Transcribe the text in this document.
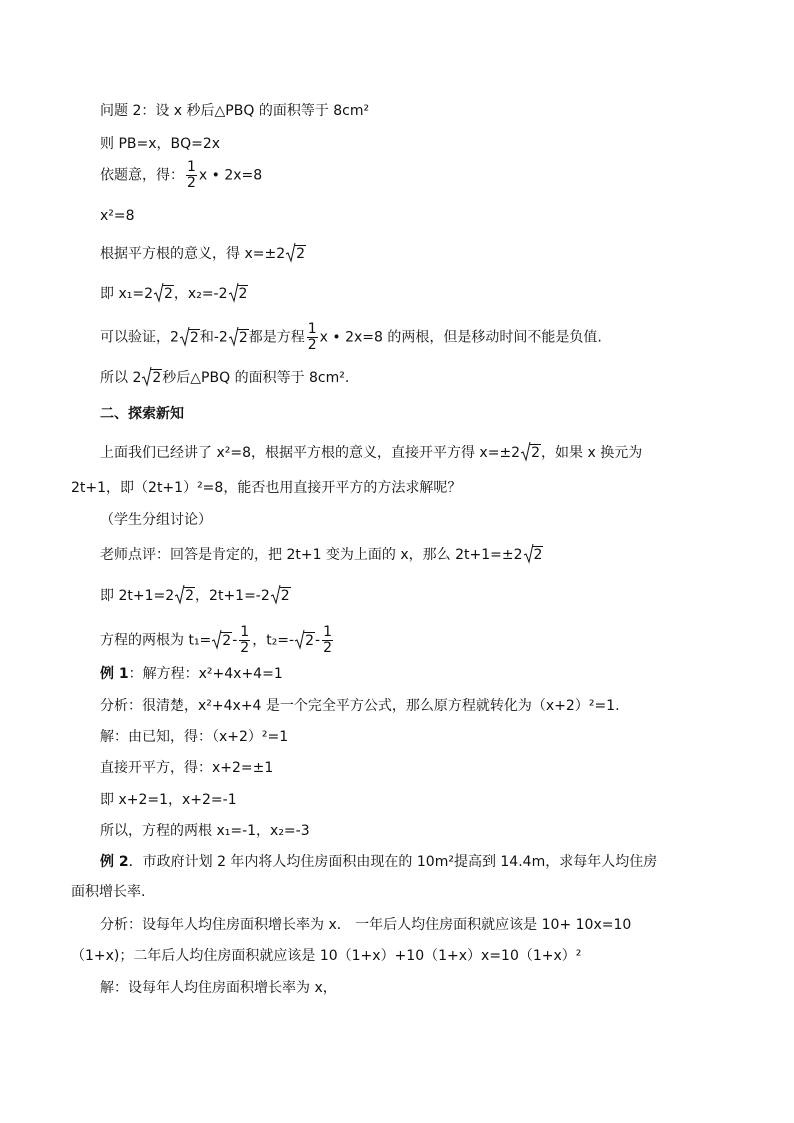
问题 2：设 x 秒后△PBQ 的面积等于 8cm²
则 PB=x，BQ=2x
依题意，得： $\frac{1}{2}$ x • 2x=8
x²=8
根据平方根的意义，得 x=±2 2
即 x₁=2 2，x₂=-2 2
可以验证，2 2和-2 2都是方程 $\frac{1}{2}$ x • 2x=8 的两根，但是移动时间不能是负值.
所以 2 2秒后△PBQ 的面积等于 8cm².
二、探索新知
上面我们已经讲了 x²=8，根据平方根的意义，直接开平方得 x=±2 2，如果 x 换元为
2t+1，即（2t+1）²=8，能否也用直接开平方的方法求解呢？
（学生分组讨论）
老师点评：回答是肯定的，把 2t+1 变为上面的 x，那么 2t+1=±2 2
即 2t+1=2 2，2t+1=-2 2
方程的两根为 $t_1= 2- \frac{1}{2}$ ，t₂=- $2- \frac{1}{2}$
例 1：解方程：x²+4x+4=1
分析：很清楚，x²+4x+4 是一个完全平方公式，那么原方程就转化为（x+2）²=1.
解：由已知，得：（x+2）²=1
直接开平方，得：x+2=±1
即 x+2=1，x+2=-1
所以，方程的两根 x₁=-1，x₂=-3
例 2．市政府计划 2 年内将人均住房面积由现在的 10m²提高到 14.4m，求每年人均住房
面积增长率.
分析：设每年人均住房面积增长率为 x． 一年后人均住房面积就应该是 10+ 10x=10
（1+x)；二年后人均住房面积就应该是 10（1+x）+10（1+x）x=10（1+x）²
解：设每年人均住房面积增长率为 x，
